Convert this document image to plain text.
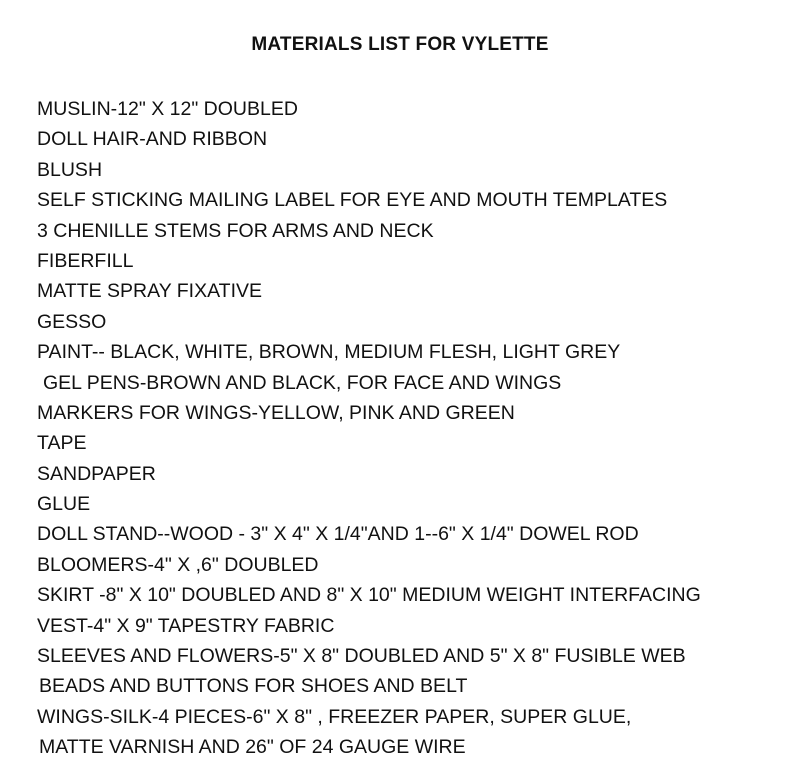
MATERIALS LIST FOR VYLETTE
MUSLIN-12" X 12" DOUBLED
DOLL HAIR-AND RIBBON
BLUSH
SELF STICKING MAILING LABEL FOR EYE AND MOUTH TEMPLATES
3 CHENILLE STEMS FOR ARMS AND NECK
FIBERFILL
MATTE SPRAY FIXATIVE
GESSO
PAINT-- BLACK, WHITE, BROWN, MEDIUM FLESH, LIGHT GREY
GEL PENS-BROWN AND BLACK, FOR FACE AND WINGS
MARKERS FOR WINGS-YELLOW, PINK AND GREEN
TAPE
SANDPAPER
GLUE
DOLL STAND--WOOD - 3" X 4" X 1/4"AND 1--6" X 1/4" DOWEL ROD
BLOOMERS-4" X ,6" DOUBLED
SKIRT -8" X 10" DOUBLED AND 8" X 10" MEDIUM WEIGHT INTERFACING
VEST-4" X 9" TAPESTRY FABRIC
SLEEVES AND FLOWERS-5" X 8" DOUBLED AND 5" X 8" FUSIBLE WEB
BEADS AND BUTTONS FOR SHOES AND BELT
WINGS-SILK-4 PIECES-6" X 8" , FREEZER PAPER, SUPER GLUE,
MATTE VARNISH AND 26" OF 24 GAUGE WIRE
